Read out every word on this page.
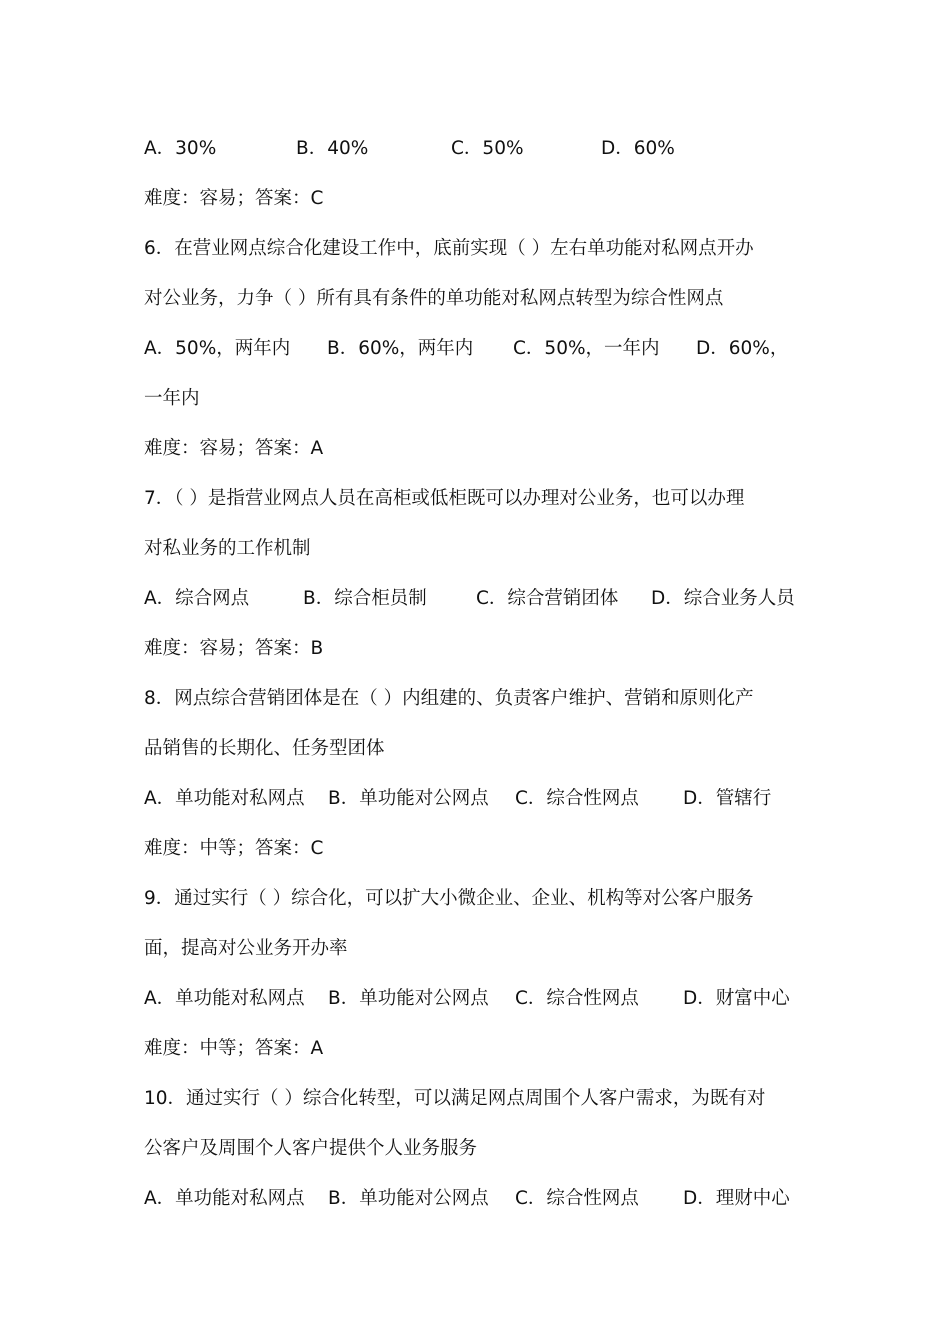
A．30%	B．40%	C．50%	D．60%
难度：容易；答案：C
6．在营业网点综合化建设工作中，底前实现（ ）左右单功能对私网点开办
对公业务，力争（ ）所有具有条件的单功能对私网点转型为综合性网点
A．50%，两年内 B．60%，两年内 C．50%，一年内 D．60%，
一年内
难度：容易；答案：A
7．（ ）是指营业网点人员在高柜或低柜既可以办理对公业务，也可以办理
对私业务的工作机制
A．综合网点	B．综合柜员制	C．综合营销团体 D．综合业务人员
难度：容易；答案：B
8．网点综合营销团体是在（ ）内组建的、负责客户维护、营销和原则化产
品销售的长期化、任务型团体
A．单功能对私网点 B．单功能对公网点 C．综合性网点 D．管辖行
难度：中等；答案：C
9．通过实行（ ）综合化，可以扩大小微企业、企业、机构等对公客户服务
面，提高对公业务开办率
A．单功能对私网点 B．单功能对公网点 C．综合性网点 D．财富中心
难度：中等；答案：A
10．通过实行（ ）综合化转型，可以满足网点周围个人客户需求，为既有对
公客户及周围个人客户提供个人业务服务
A．单功能对私网点 B．单功能对公网点 C．综合性网点 D．理财中心
